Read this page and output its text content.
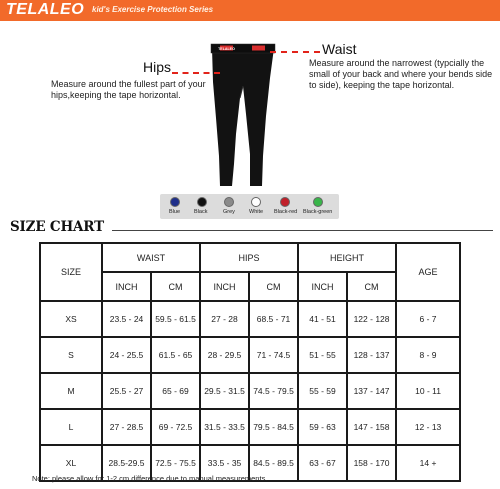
TELALEO kid's Exercise Protection Series
TELALEO
Hips
Measure around the fullest part of your hips,keeping the tape horizontal.
Waist
Measure around the narrowest (typcially the small of your back and where your bends side to side), keeping the tape horizontal.
Blue	Black	Grey	White Black-red Black-green
SIZE CHART
SIZE	WAIST		HIPS		HEIGHT		AGE
	INCH	CM	INCH	CM	INCH	CM	
XS	23.5 - 24	59.5 - 61.5	27 - 28	68.5 - 71	41 - 51	122 - 128	6 - 7
S	24 - 25.5	61.5 - 65	28 - 29.5	71 - 74.5	51 - 55	128 - 137	8 - 9
M	25.5 - 27	65 - 69	29.5 - 31.5	74.5 - 79.5	55 - 59	137 - 147	10 - 11
L	27 - 28.5	69 - 72.5	31.5 - 33.5	79.5 - 84.5	59 - 63	147 - 158	12 - 13
XL	28.5-29.5	72.5 - 75.5	33.5 - 35	84.5 - 89.5	63 - 67	158 - 170	14 +
Note: please allow for 1-2 cm difference due to manual measurements.
